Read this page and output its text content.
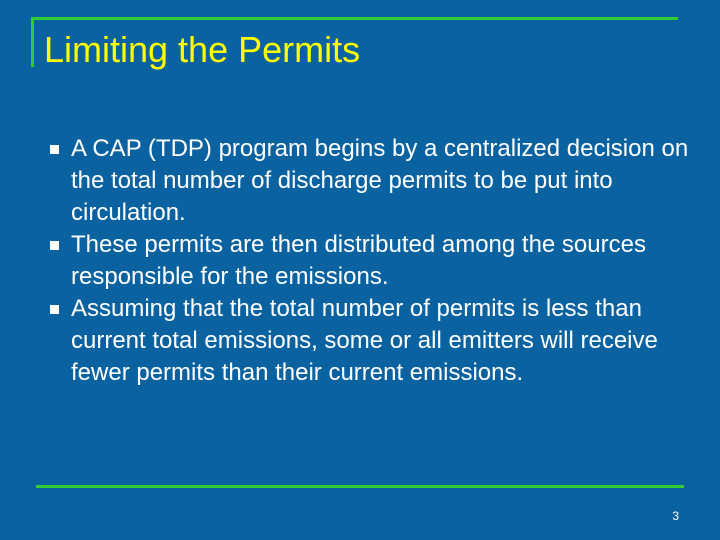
Limiting the Permits
A CAP (TDP) program begins by a centralized decision on the total number of discharge permits to be put into circulation.
These permits are then distributed among the sources responsible for the emissions.
Assuming that the total number of permits is less than current total emissions, some or all emitters will receive fewer permits than their current emissions.
3
